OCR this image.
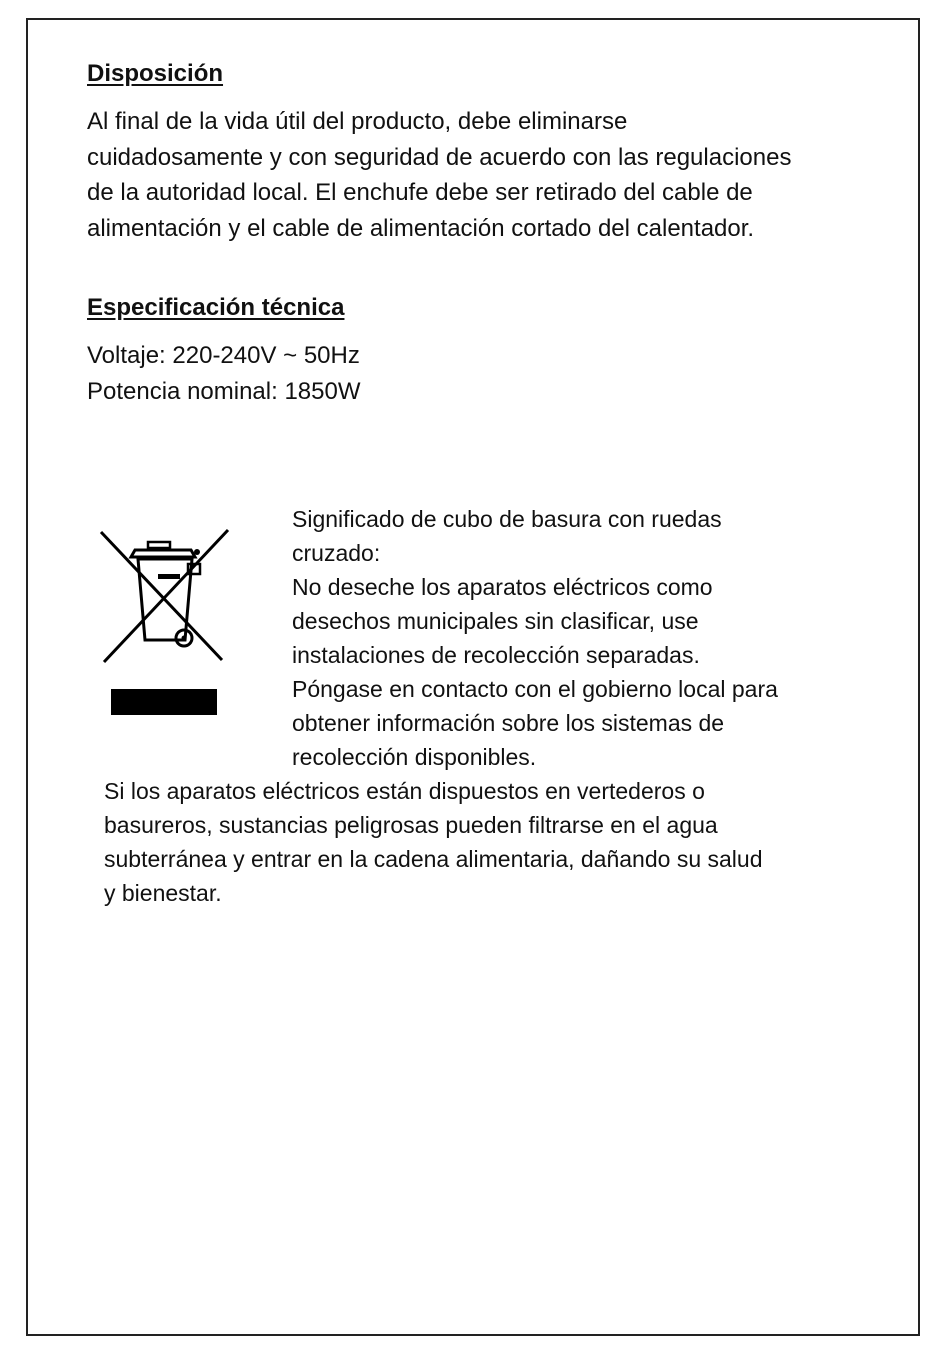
Disposición

Al final de la vida útil del producto, debe eliminarse
cuidadosamente y con seguridad de acuerdo con las regulaciones
de la autoridad local. El enchufe debe ser retirado del cable de
alimentación y el cable de alimentación cortado del calentador.

Especificación técnica

Voltaje: 220-240V ~ 50Hz
Potencia nominal: 1850W

Significado de cubo de basura con ruedas
cruzado:
No deseche los aparatos eléctricos como
desechos municipales sin clasificar, use
instalaciones de recolección separadas.
Póngase en contacto con el gobierno local para
obtener información sobre los sistemas de
recolección disponibles.

Si los aparatos eléctricos están dispuestos en vertederos o
basureros, sustancias peligrosas pueden filtrarse en el agua
subterránea y entrar en la cadena alimentaria, dañando su salud
y bienestar.
